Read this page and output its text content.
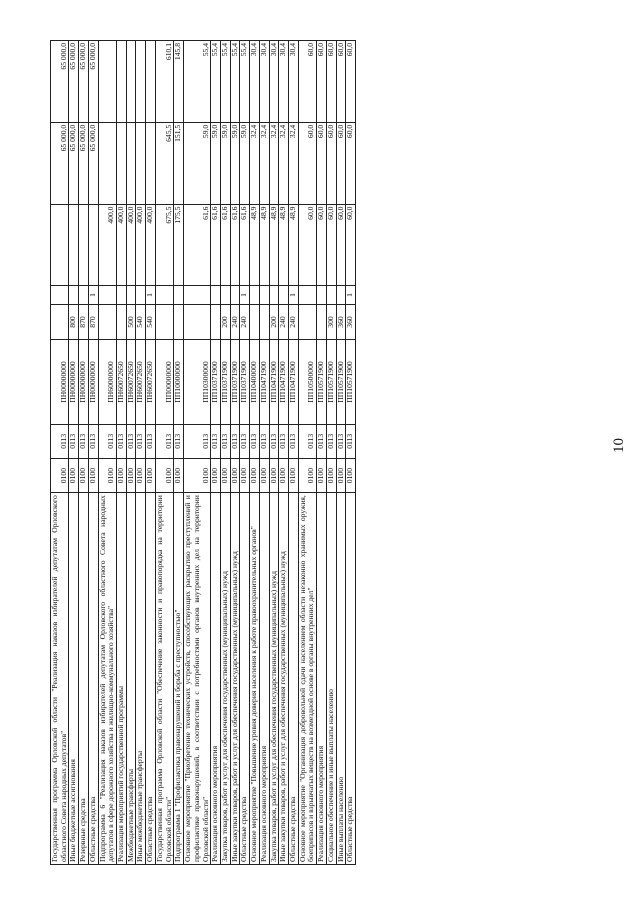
10
Государственная программа Орловской области "Реализация наказов избирателей депутатам Орловского областного Совета народных депутатов"	0100	0113	ПН00000000				65 000,0	65 000,0
Иные бюджетные ассигнования	0100	0113	ПН00000000	800			65 000,0	65 000,0
Резервные средства	0100	0113	ПН00000000	870			65 000,0	65 000,0
Областные средства	0100	0113	ПН00000000	870	1		65 000,0	65 000,0
Подпрограмма 6 "Реализация наказов избирателей депутатам Орловского областного Совета народных депутатов в сфере дорожного хозяйства и жилищно-коммунального хозяйства"	0100	0113	ПН60000000			400,0		
Реализация мероприятий государственной программы	0100	0113	ПН60072650			400,0		
Межбюджетные трансферты	0100	0113	ПН60072650	500		400,0		
Иные межбюджетные трансферты	0100	0113	ПН60072650	540		400,0		
Областные средства	0100	0113	ПН60072650	540	1	400,0		
Государственная программа Орловской области "Обеспечение законности и правопорядка на территории Орловской области"	0100	0113	ПП00000000			675,5	645,5	610,1
Подпрограмма 1 "Профилактика правонарушений и борьба с преступностью"	0100	0113	ПП10000000			175,5	151,5	145,8
Основное мероприятие "Приобретение технических устройств, способствующих раскрытию преступлений и профилактике правонарушений, в соответствии с потребностями органов внутренних дел на территории Орловской области"	0100	0113	ПП10300000			61,6	59,0	55,4
Реализация основного мероприятия	0100	0113	ПП10371900			61,6	59,0	55,4
Закупка товаров, работ и услуг для обеспечения государственных (муниципальных) нужд	0100	0113	ПП10371900	200		61,6	59,0	55,4
Иные закупки товаров, работ и услуг для обеспечения государственных (муниципальных) нужд	0100	0113	ПП10371900	240		61,6	59,0	55,4
Областные средства	0100	0113	ПП10371900	240	1	61,6	59,0	55,4
Основное мероприятие "Повышение уровня доверия населения к работе правоохранительных органов"	0100	0113	ПП10400000			48,9	32,4	30,4
Реализация основного мероприятия	0100	0113	ПП10471900			48,9	32,4	30,4
Закупка товаров, работ и услуг для обеспечения государственных (муниципальных) нужд	0100	0113	ПП10471900	200		48,9	32,4	30,4
Иные закупки товаров, работ и услуг для обеспечения государственных (муниципальных) нужд	0100	0113	ПП10471900	240		48,9	32,4	30,4
Областные средства	0100	0113	ПП10471900	240	1	48,9	32,4	30,4
Основное мероприятие "Организация добровольной сдачи населением области незаконно хранимых оружия, боеприпасов и взрывчатых веществ на возмездной основе в органы внутренних дел"	0100	0113	ПП10500000			60,0	60,0	60,0
Реализация основного мероприятия	0100	0113	ПП10571900			60,0	60,0	60,0
Социальное обеспечение и иные выплаты населению	0100	0113	ПП10571900	300		60,0	60,0	60,0
Иные выплаты населению	0100	0113	ПП10571900	360		60,0	60,0	60,0
Областные средства	0100	0113	ПП10571900	360	1	60,0	60,0	60,0
